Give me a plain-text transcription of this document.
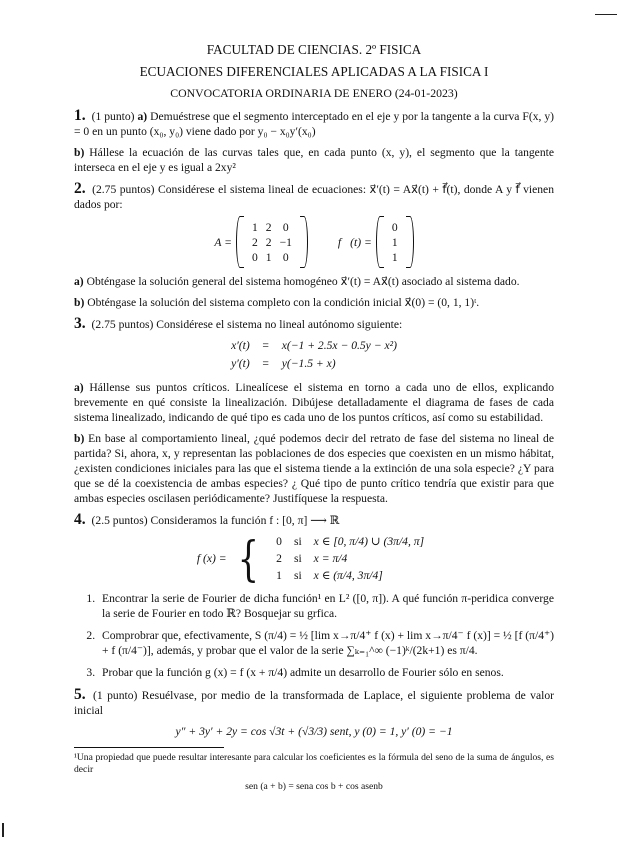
FACULTAD DE CIENCIAS. 2º FISICA
ECUACIONES DIFERENCIALES APLICADAS A LA FISICA I
CONVOCATORIA ORDINARIA DE ENERO (24-01-2023)
1. (1 punto) a) Demuéstrese que el segmento interceptado en el eje y por la tangente a la curva F(x, y) = 0 en un punto (x₀, y₀) viene dado por y₀ − x₀y′(x₀)
b) Hállese la ecuación de las curvas tales que, en cada punto (x, y), el segmento que la tangente interseca en el eje y es igual a 2xy²
2. (2.75 puntos) Considérese el sistema lineal de ecuaciones: x⃗′(t) = Ax⃗(t) + f⃗(t), donde A y f⃗ vienen dados por:
A =
1	2	0
2	2	−1
0	1	0
f⃗(t) =
0
1
1
a) Obténgase la solución general del sistema homogéneo x⃗′(t) = Ax⃗(t) asociado al sistema dado.
b) Obténgase la solución del sistema completo con la condición inicial x⃗(0) = (0, 1, 1)ᵗ.
3. (2.75 puntos) Considérese el sistema no lineal autónomo siguiente:
x′(t)	=	x(−1 + 2.5x − 0.5y − x²)
y′(t)	=	y(−1.5 + x)
a) Hállense sus puntos críticos. Linealícese el sistema en torno a cada uno de ellos, explicando brevemente en qué consiste la linealización. Dibújese detalladamente el diagrama de fases de cada sistema linealizado, indicando de qué tipo es cada uno de los puntos críticos, así como su estabilidad.
b) En base al comportamiento lineal, ¿qué podemos decir del retrato de fase del sistema no lineal de partida? Si, ahora, x, y representan las poblaciones de dos especies que coexisten en un mismo hábitat, ¿existen condiciones iniciales para las que el sistema tiende a la extinción de una sola especie? ¿Y para que se dé la coexistencia de ambas especies? ¿ Qué tipo de punto crítico tendría que existir para que ambas especies oscilasen periódicamente? Justifíquese la respuesta.
4. (2.5 puntos) Consideramos la función f : [0, π] ⟶ ℝ
f (x) = { 0	si	x ∈ [0, π/4) ∪ (3π/4, π]
2	si	x = π/4
1	si	x ∈ (π/4, 3π/4]
1. Encontrar la serie de Fourier de dicha función¹ en L² ([0, π]). A qué función π-peridica converge la serie de Fourier en todo ℝ? Bosquejar su grfica.
2. Comprobrar que, efectivamente, S (π/4) = ½ [lim x→π/4⁺ f (x) + lim x→π/4⁻ f (x)] = ½ [f (π/4⁺) + f (π/4⁻)], además, y probar que el valor de la serie ∑ₖ₌₁^∞ (−1)ᵏ/(2k+1) es π/4.
3. Probar que la función g (x) = f (x + π/4) admite un desarrollo de Fourier sólo en senos.
5. (1 punto) Resuélvase, por medio de la transformada de Laplace, el siguiente problema de valor inicial
y″ + 3y′ + 2y = cos √3t + (√3/3) sent, y (0) = 1, y′ (0) = −1
¹Una propiedad que puede resultar interesante para calcular los coeficientes es la fórmula del seno de la suma de ángulos, es decir
sen (a + b) = sena cos b + cos asenb
